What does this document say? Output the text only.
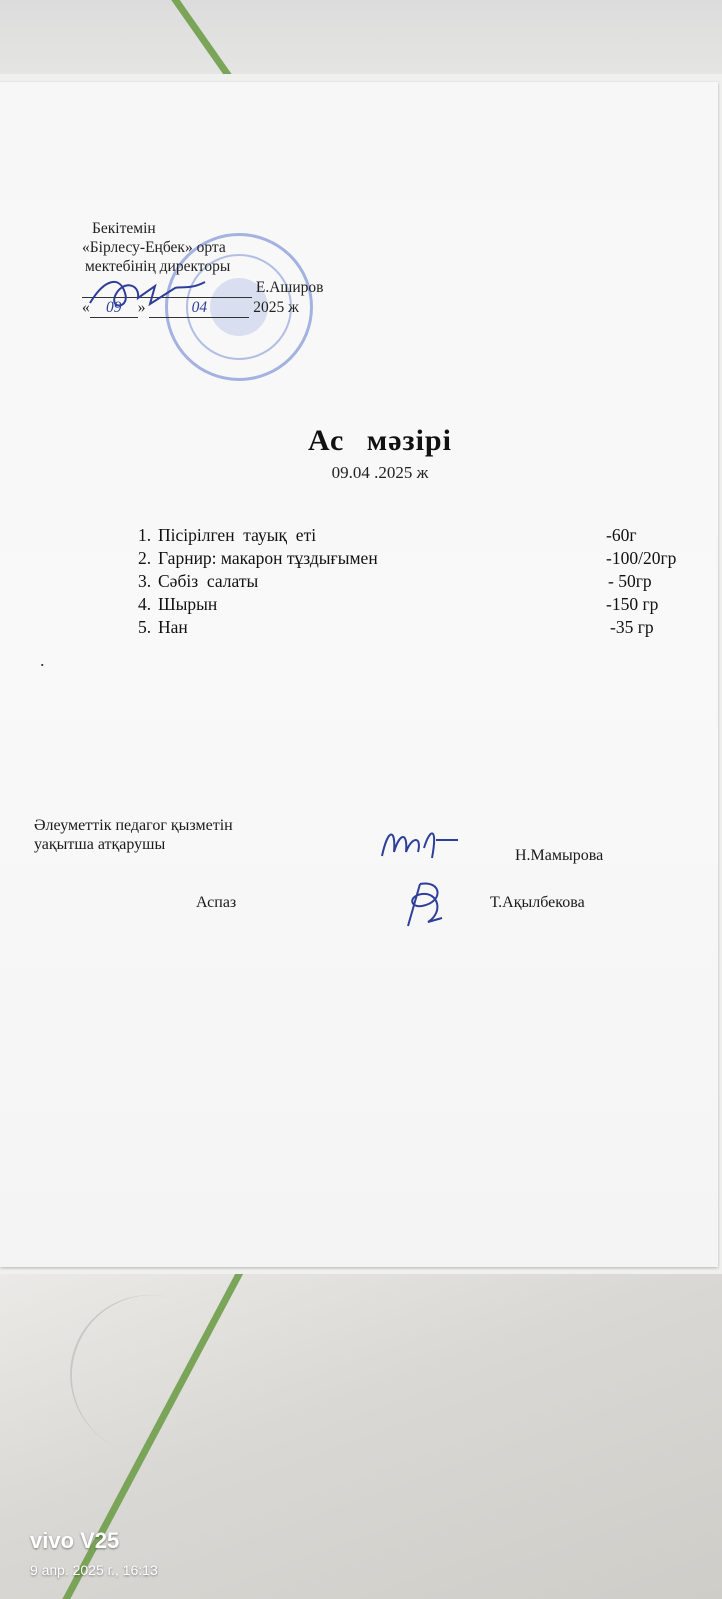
Бекітемін
«Бірлесу-Еңбек» орта
мектебінің директоры
Е.Аширов
« 09 »	04	2025 ж
Ас мәзірі
09.04 .2025 ж
1. Пісірілген  тауық  еті	-60г
2. Гарнир: макарон тұздығымен	-100/20гр
3. Сәбіз  салаты	- 50гр
4. Шырын	-150 гр
5. Нан	-35 гр
.
Әлеуметтік педагог қызметін
уақытша атқарушы
Н.Мамырова
Аспаз	Т.Ақылбекова
vivo V25
9 апр. 2025 г., 16:13
